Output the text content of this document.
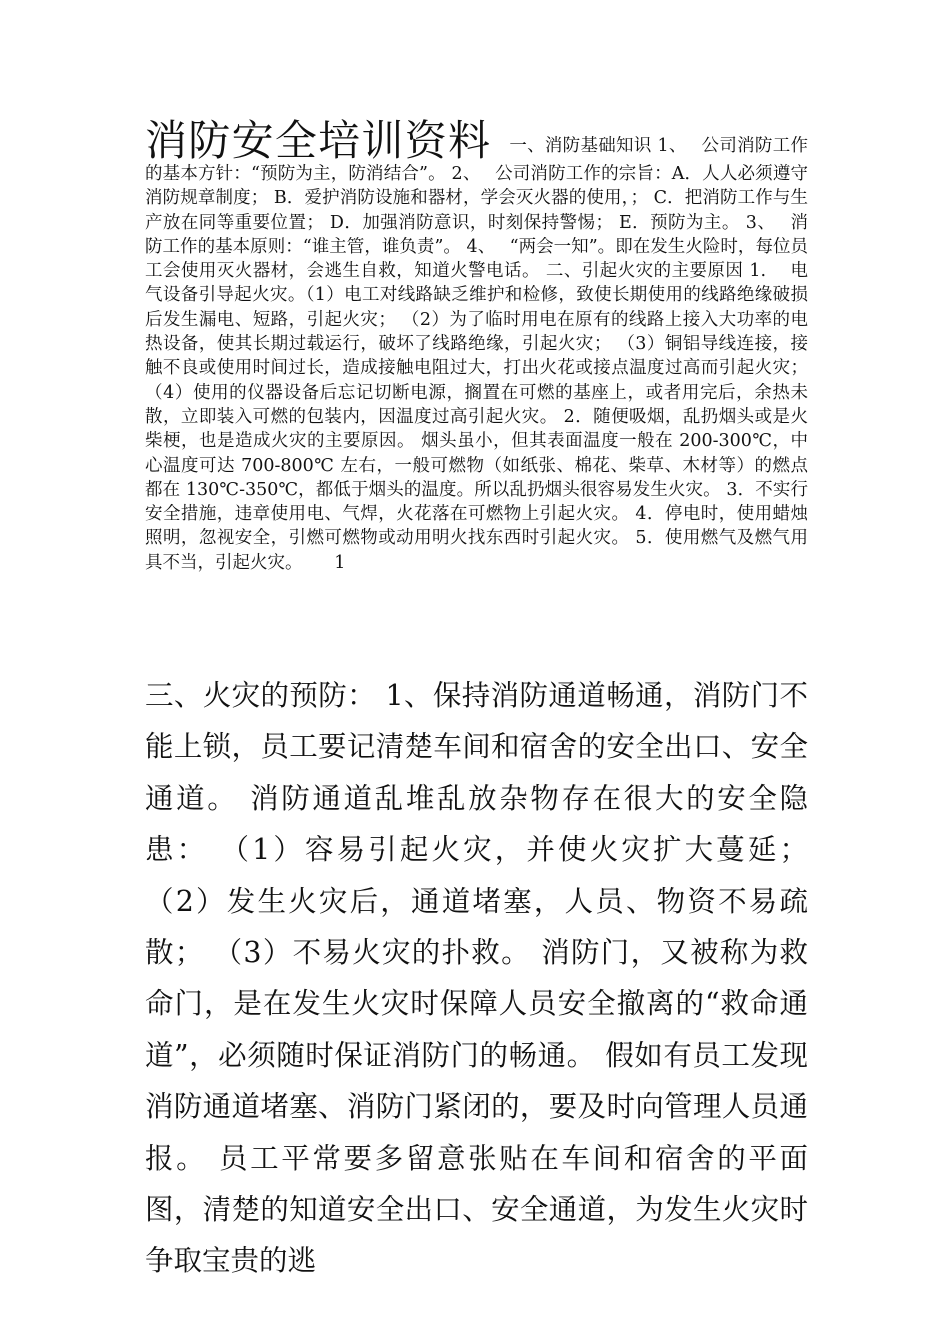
消防安全培训资料 一、消防基础知识 1、　 公司消防工作的基本方针：“预防为主，防消结合”。 2、　 公司消防工作的宗旨：A．人人必须遵守消防规章制度； B．爱护消防设施和器材，学会灭火器的使用，； C．把消防工作与生产放在同等重要位置； D．加强消防意识，时刻保持警惕； E．预防为主。 3、　 消防工作的基本原则：“谁主管，谁负责”。 4、　 “两会一知”。即在发生火险时，每位员工会使用灭火器材，会逃生自救，知道火警电话。 二、引起火灾的主要原因 1.　 电气设备引导起火灾。（1）电工对线路缺乏维护和检修，致使长期使用的线路绝缘破损后发生漏电、短路，引起火灾； （2）为了临时用电在原有的线路上接入大功率的电热设备，使其长期过载运行，破坏了线路绝缘，引起火灾； （3）铜铝导线连接，接触不良或使用时间过长，造成接触电阻过大，打出火花或接点温度过高而引起火灾； （4）使用的仪器设备后忘记切断电源，搁置在可燃的基座上，或者用完后，余热未散，立即装入可燃的包装内，因温度过高引起火灾。 2．随便吸烟，乱扔烟头或是火柴梗，也是造成火灾的主要原因。 烟头虽小，但其表面温度一般在 200-300℃，中心温度可达 700-800℃ 左右，一般可燃物（如纸张、棉花、柴草、木材等）的燃点都在 130℃-350℃，都低于烟头的温度。所以乱扔烟头很容易发生火灾。 3．不实行安全措施，违章使用电、气焊，火花落在可燃物上引起火灾。 4．停电时，使用蜡烛照明，忽视安全，引燃可燃物或动用明火找东西时引起火灾。 5．使用燃气及燃气用具不当，引起火灾。　　 1
三、火灾的预防： 1、保持消防通道畅通，消防门不能上锁，员工要记清楚车间和宿舍的安全出口、安全通道。 消防通道乱堆乱放杂物存在很大的安全隐患： （1）容易引起火灾，并使火灾扩大蔓延； （2）发生火灾后，通道堵塞，人员、物资不易疏散； （3）不易火灾的扑救。 消防门，又被称为救命门，是在发生火灾时保障人员安全撤离的“救命通道”，必须随时保证消防门的畅通。 假如有员工发现消防通道堵塞、消防门紧闭的，要及时向管理人员通报。 员工平常要多留意张贴在车间和宿舍的平面图，清楚的知道安全出口、安全通道，为发生火灾时争取宝贵的逃
